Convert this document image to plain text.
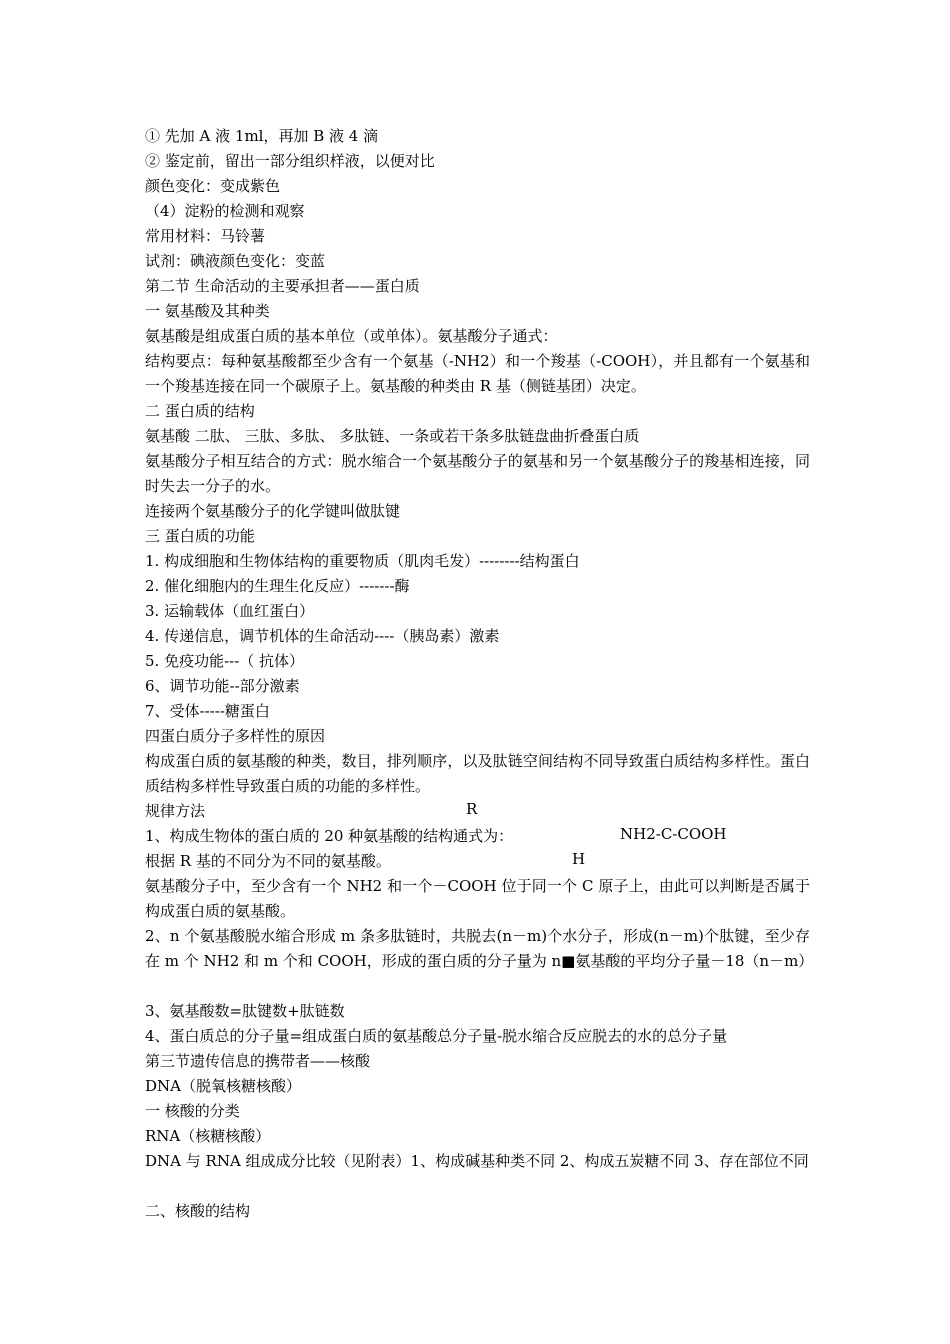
① 先加 A 液 1ml，再加 B 液 4 滴
② 鉴定前，留出一部分组织样液，以便对比
颜色变化：变成紫色
（4）淀粉的检测和观察
常用材料：马铃薯
试剂：碘液颜色变化：变蓝
第二节 生命活动的主要承担者——蛋白质
一 氨基酸及其种类
氨基酸是组成蛋白质的基本单位（或单体）。氨基酸分子通式：
结构要点：每种氨基酸都至少含有一个氨基（-NH2）和一个羧基（-COOH），并且都有一个氨基和一个羧基连接在同一个碳原子上。氨基酸的种类由 R 基（侧链基团）决定。
二 蛋白质的结构
氨基酸 二肽、 三肽、多肽、 多肽链、一条或若干条多肽链盘曲折叠蛋白质
氨基酸分子相互结合的方式：脱水缩合一个氨基酸分子的氨基和另一个氨基酸分子的羧基相连接，同时失去一分子的水。
连接两个氨基酸分子的化学键叫做肽键
三 蛋白质的功能
1. 构成细胞和生物体结构的重要物质（肌肉毛发）--------结构蛋白
2. 催化细胞内的生理生化反应）-------酶
3. 运输载体（血红蛋白）
4. 传递信息，调节机体的生命活动----（胰岛素）激素
5. 免疫功能---（ 抗体）
6、调节功能--部分激素
7、受体-----糖蛋白
四蛋白质分子多样性的原因
构成蛋白质的氨基酸的种类，数目，排列顺序，以及肽链空间结构不同导致蛋白质结构多样性。蛋白质结构多样性导致蛋白质的功能的多样性。
规律方法
1、构成生物体的蛋白质的 20 种氨基酸的结构通式为：
根据 R 基的不同分为不同的氨基酸。
氨基酸分子中，至少含有一个 NH2 和一个－COOH 位于同一个 C 原子上，由此可以判断是否属于构成蛋白质的氨基酸。
2、n 个氨基酸脱水缩合形成 m 条多肽链时，共脱去(n－m)个水分子，形成(n－m)个肽键，至少存在 m 个 NH2 和 m 个和 COOH，形成的蛋白质的分子量为 n■氨基酸的平均分子量－18（n－m）
3、氨基酸数=肽键数+肽链数
4、蛋白质总的分子量=组成蛋白质的氨基酸总分子量-脱水缩合反应脱去的水的总分子量
第三节遗传信息的携带者——核酸
DNA（脱氧核糖核酸）
一 核酸的分类
RNA（核糖核酸）
DNA 与 RNA 组成成分比较（见附表）1、构成碱基种类不同 2、构成五炭糖不同 3、存在部位不同
二、核酸的结构
R
NH2-C-COOH
H
